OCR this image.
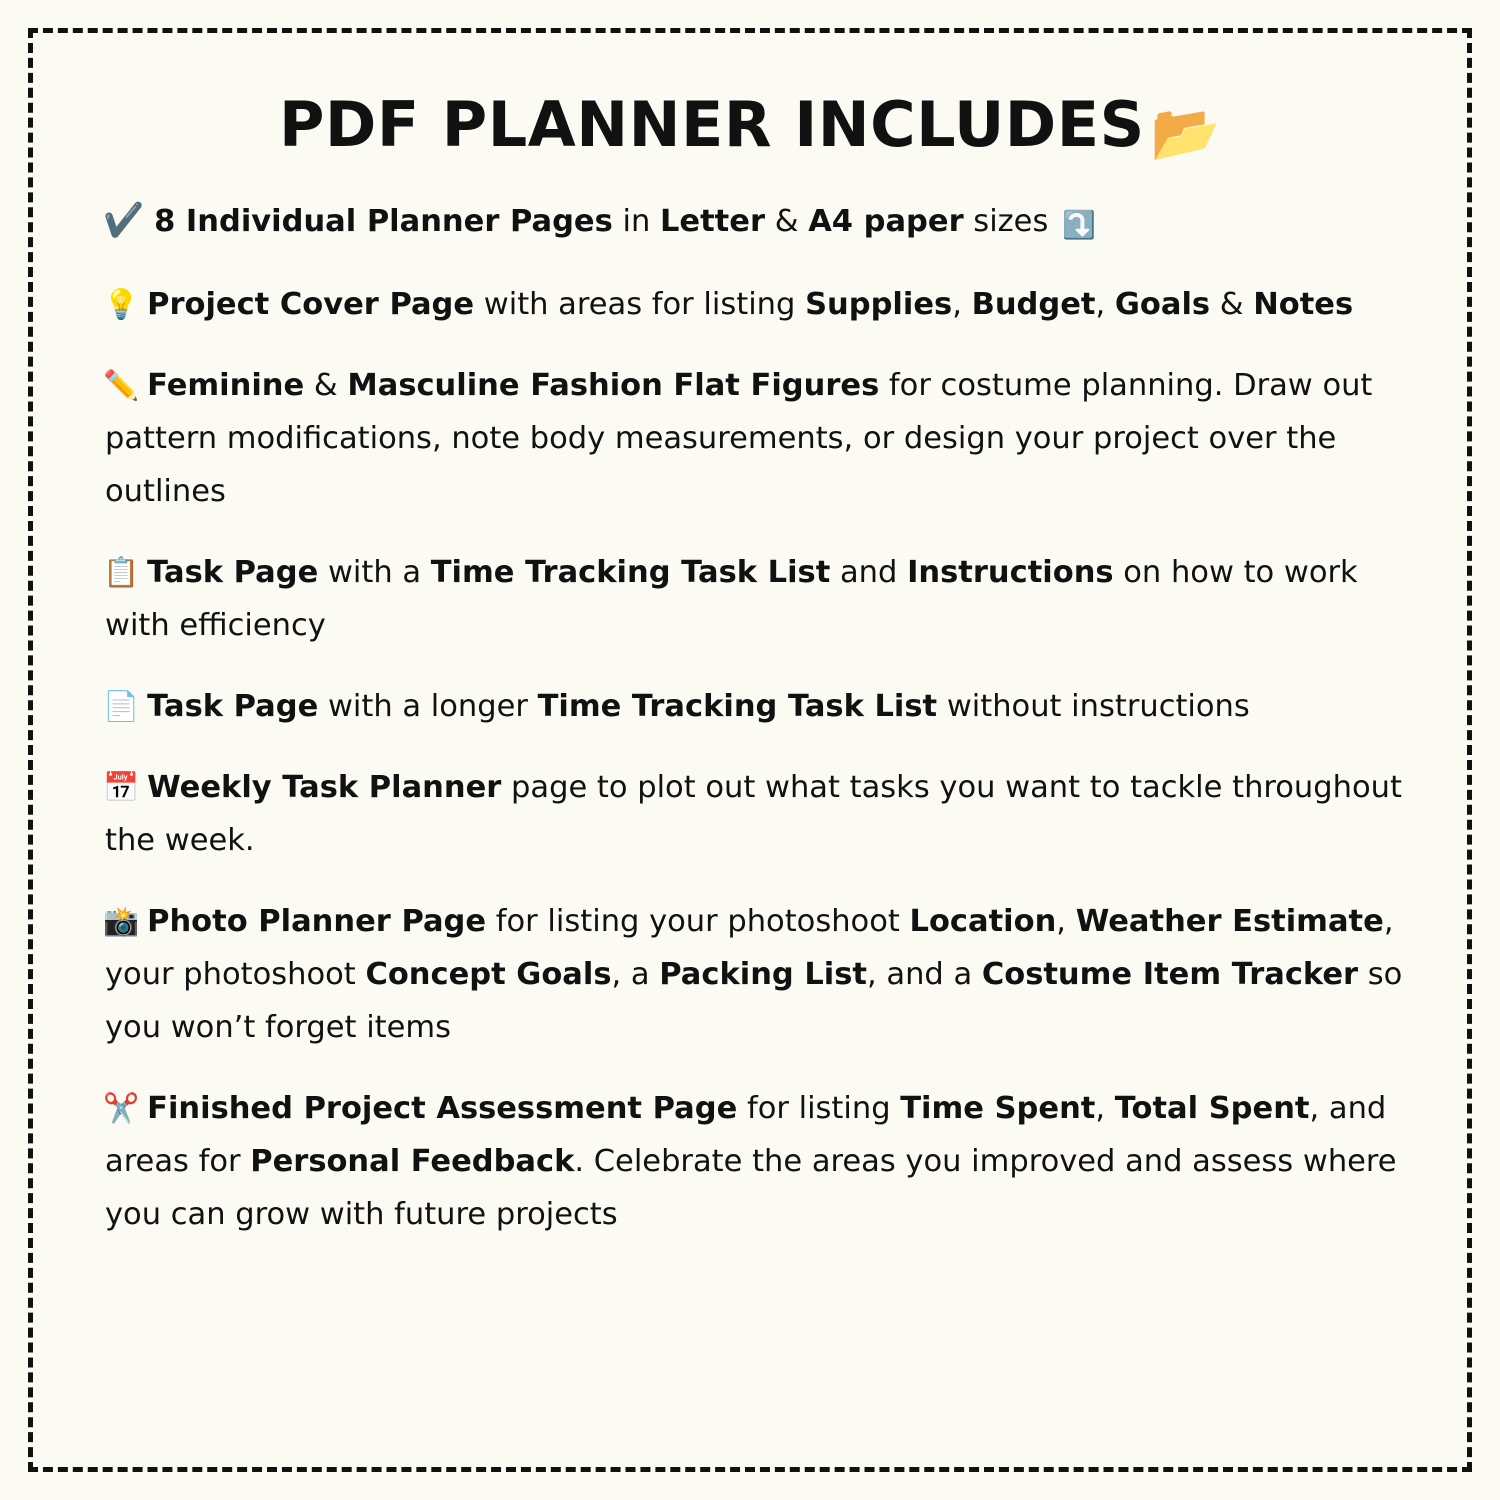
PDF PLANNER INCLUDES 📂
✔️ 8 Individual Planner Pages in Letter & A4 paper sizes ⤵️
💡 Project Cover Page with areas for listing Supplies, Budget, Goals & Notes
✏️ Feminine & Masculine Fashion Flat Figures for costume planning. Draw out pattern modifications, note body measurements, or design your project over the outlines
📋 Task Page with a Time Tracking Task List and Instructions on how to work with efficiency
📄 Task Page with a longer Time Tracking Task List without instructions
📅 Weekly Task Planner page to plot out what tasks you want to tackle throughout the week.
📸 Photo Planner Page for listing your photoshoot Location, Weather Estimate, your photoshoot Concept Goals, a Packing List, and a Costume Item Tracker so you won’t forget items
✂️ Finished Project Assessment Page for listing Time Spent, Total Spent, and areas for Personal Feedback. Celebrate the areas you improved and assess where you can grow with future projects
